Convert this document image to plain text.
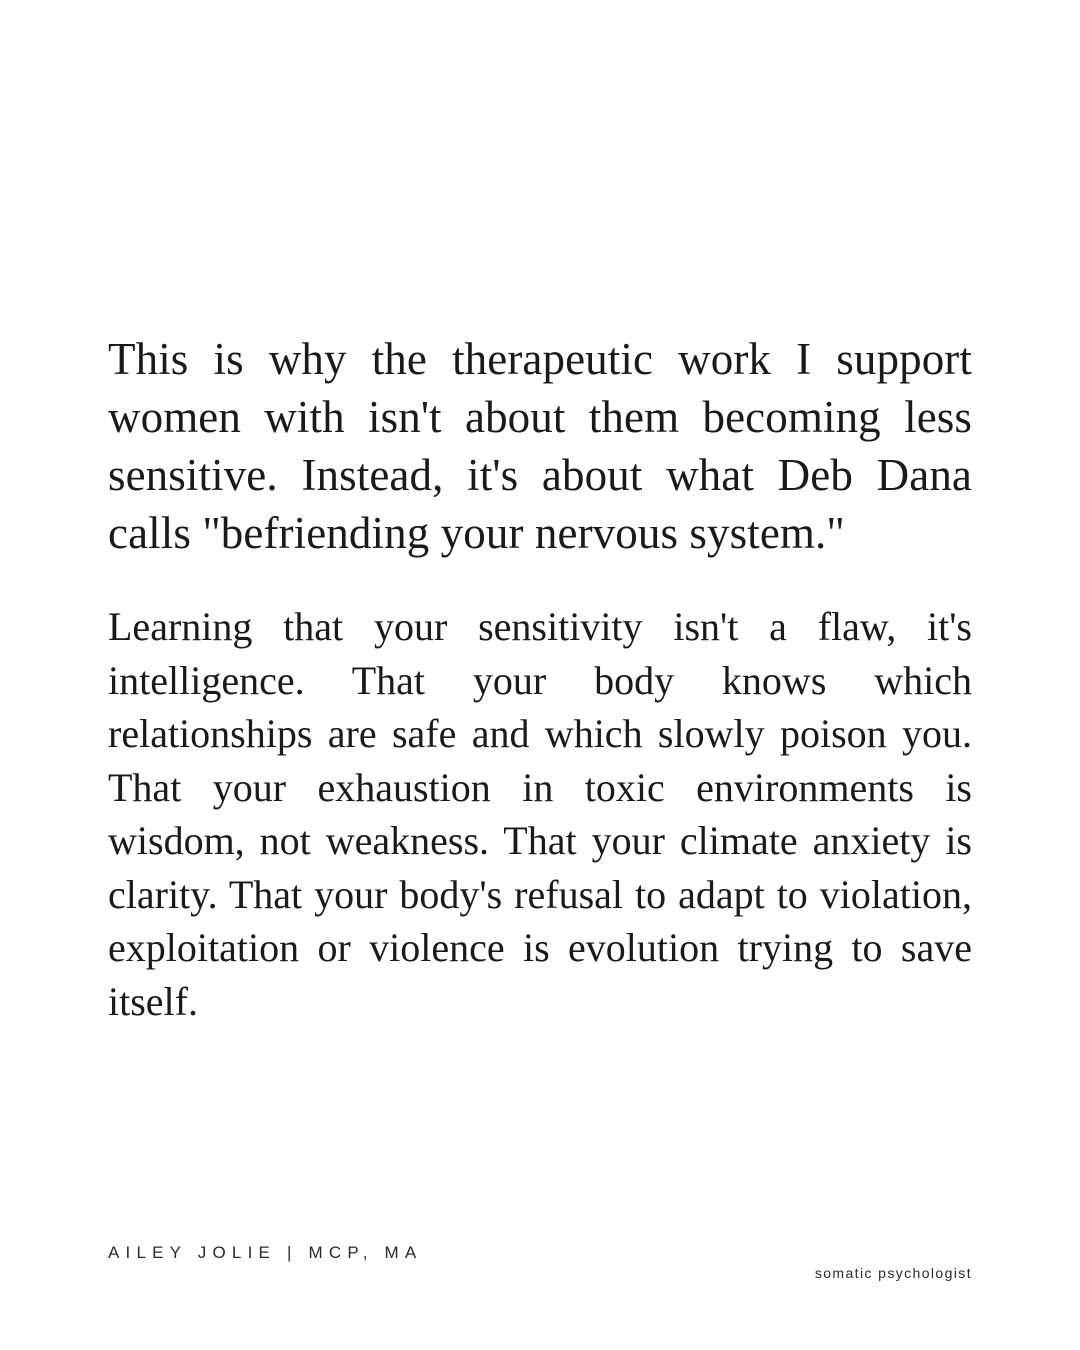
This is why the therapeutic work I support women with isn't about them becoming less sensitive. Instead, it's about what Deb Dana calls "befriending your nervous system."

Learning that your sensitivity isn't a flaw, it's intelligence. That your body knows which relationships are safe and which slowly poison you. That your exhaustion in toxic environments is wisdom, not weakness. That your climate anxiety is clarity. That your body's refusal to adapt to violation, exploitation or violence is evolution trying to save itself.

AILEY JOLIE | MCP, MA
somatic psychologist
